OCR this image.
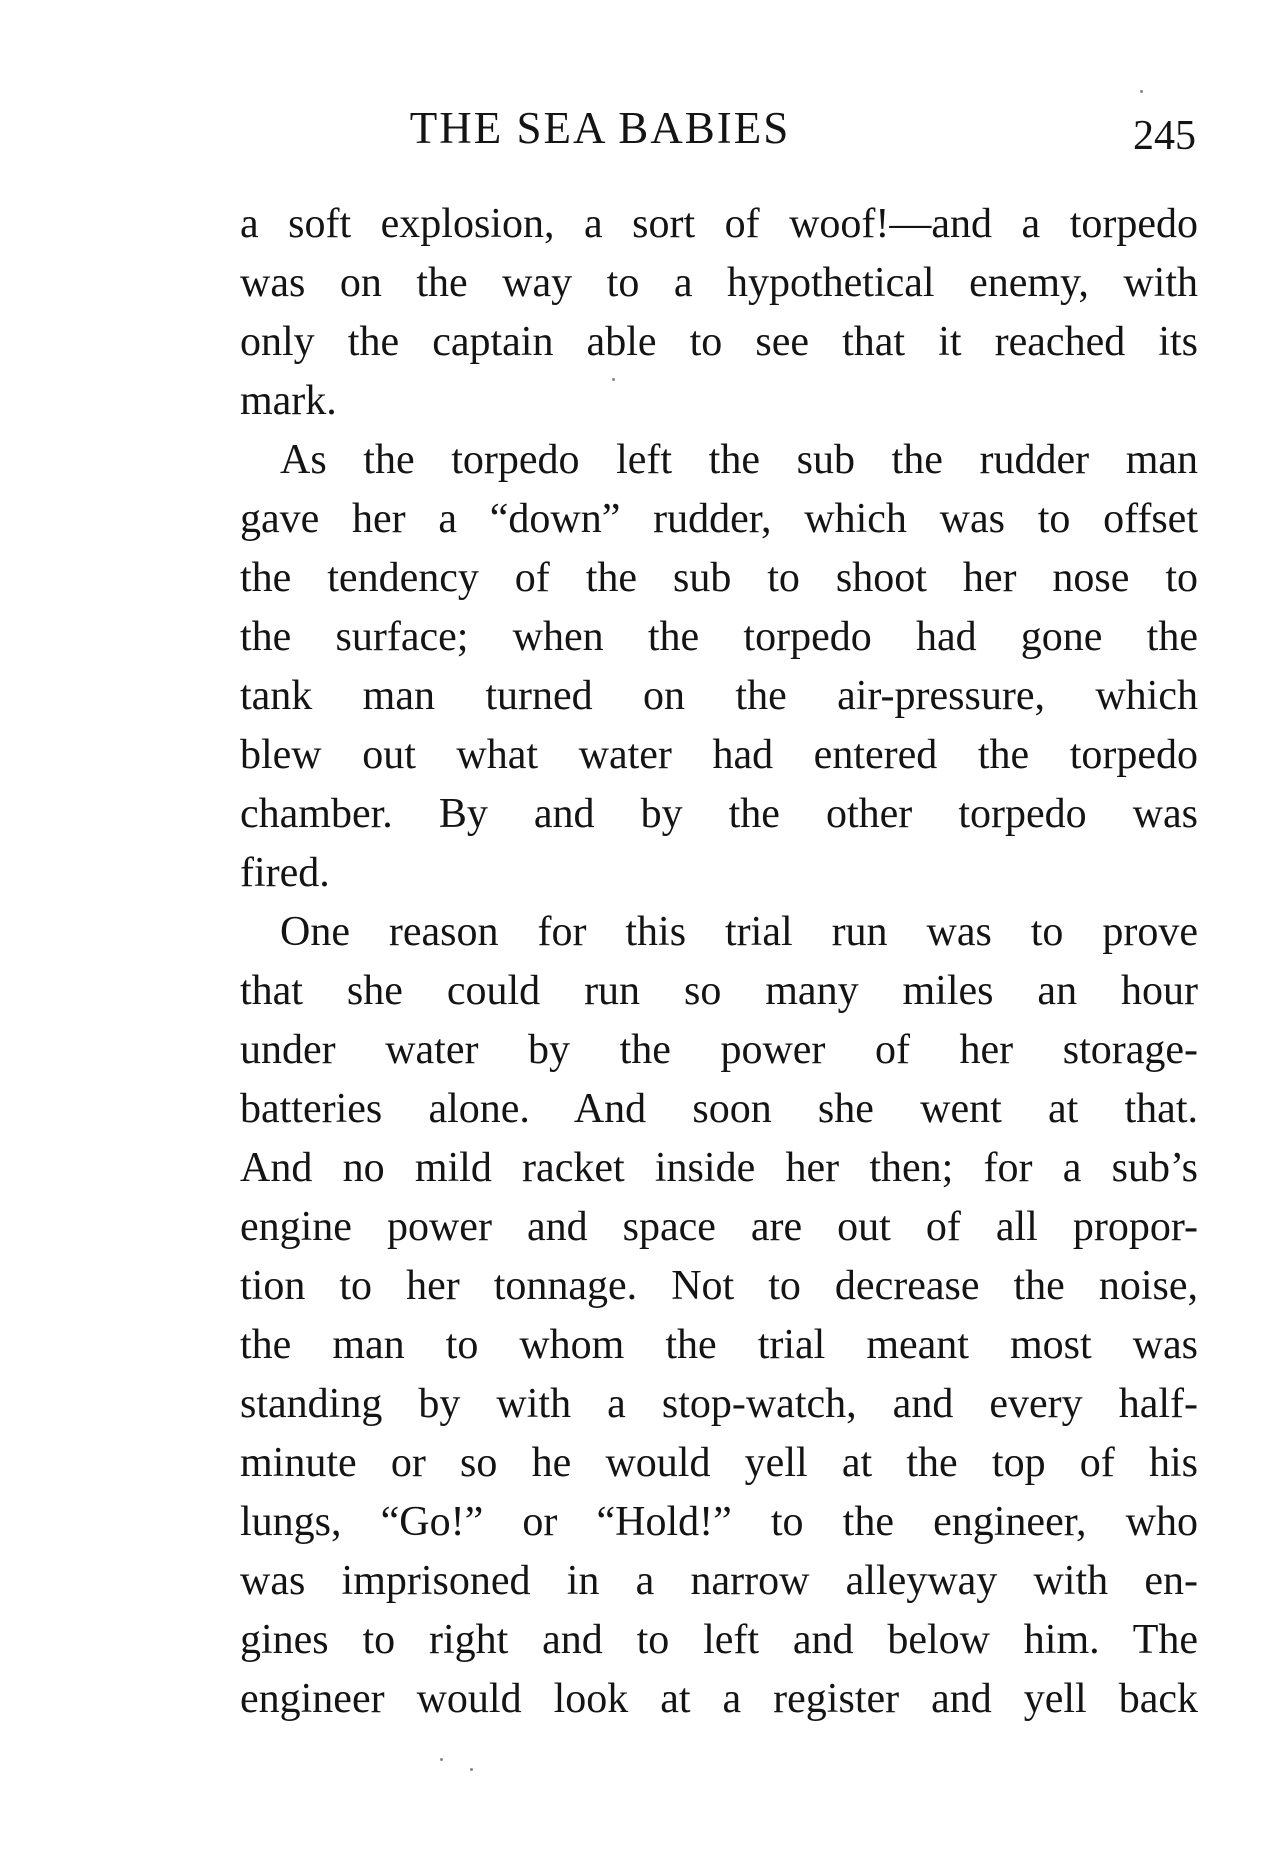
THE SEA BABIES	245
a soft explosion, a sort of woof!—and a torpedo
was on the way to a hypothetical enemy, with
only the captain able to see that it reached its
mark.
As the torpedo left the sub the rudder man
gave her a “down” rudder, which was to offset
the tendency of the sub to shoot her nose to
the surface; when the torpedo had gone the
tank man turned on the air-pressure, which
blew out what water had entered the torpedo
chamber. By and by the other torpedo was
fired.
One reason for this trial run was to prove
that she could run so many miles an hour
under water by the power of her storage-
batteries alone. And soon she went at that.
And no mild racket inside her then; for a sub’s
engine power and space are out of all propor-
tion to her tonnage. Not to decrease the noise,
the man to whom the trial meant most was
standing by with a stop-watch, and every half-
minute or so he would yell at the top of his
lungs, “Go!” or “Hold!” to the engineer, who
was imprisoned in a narrow alleyway with en-
gines to right and to left and below him. The
engineer would look at a register and yell back
